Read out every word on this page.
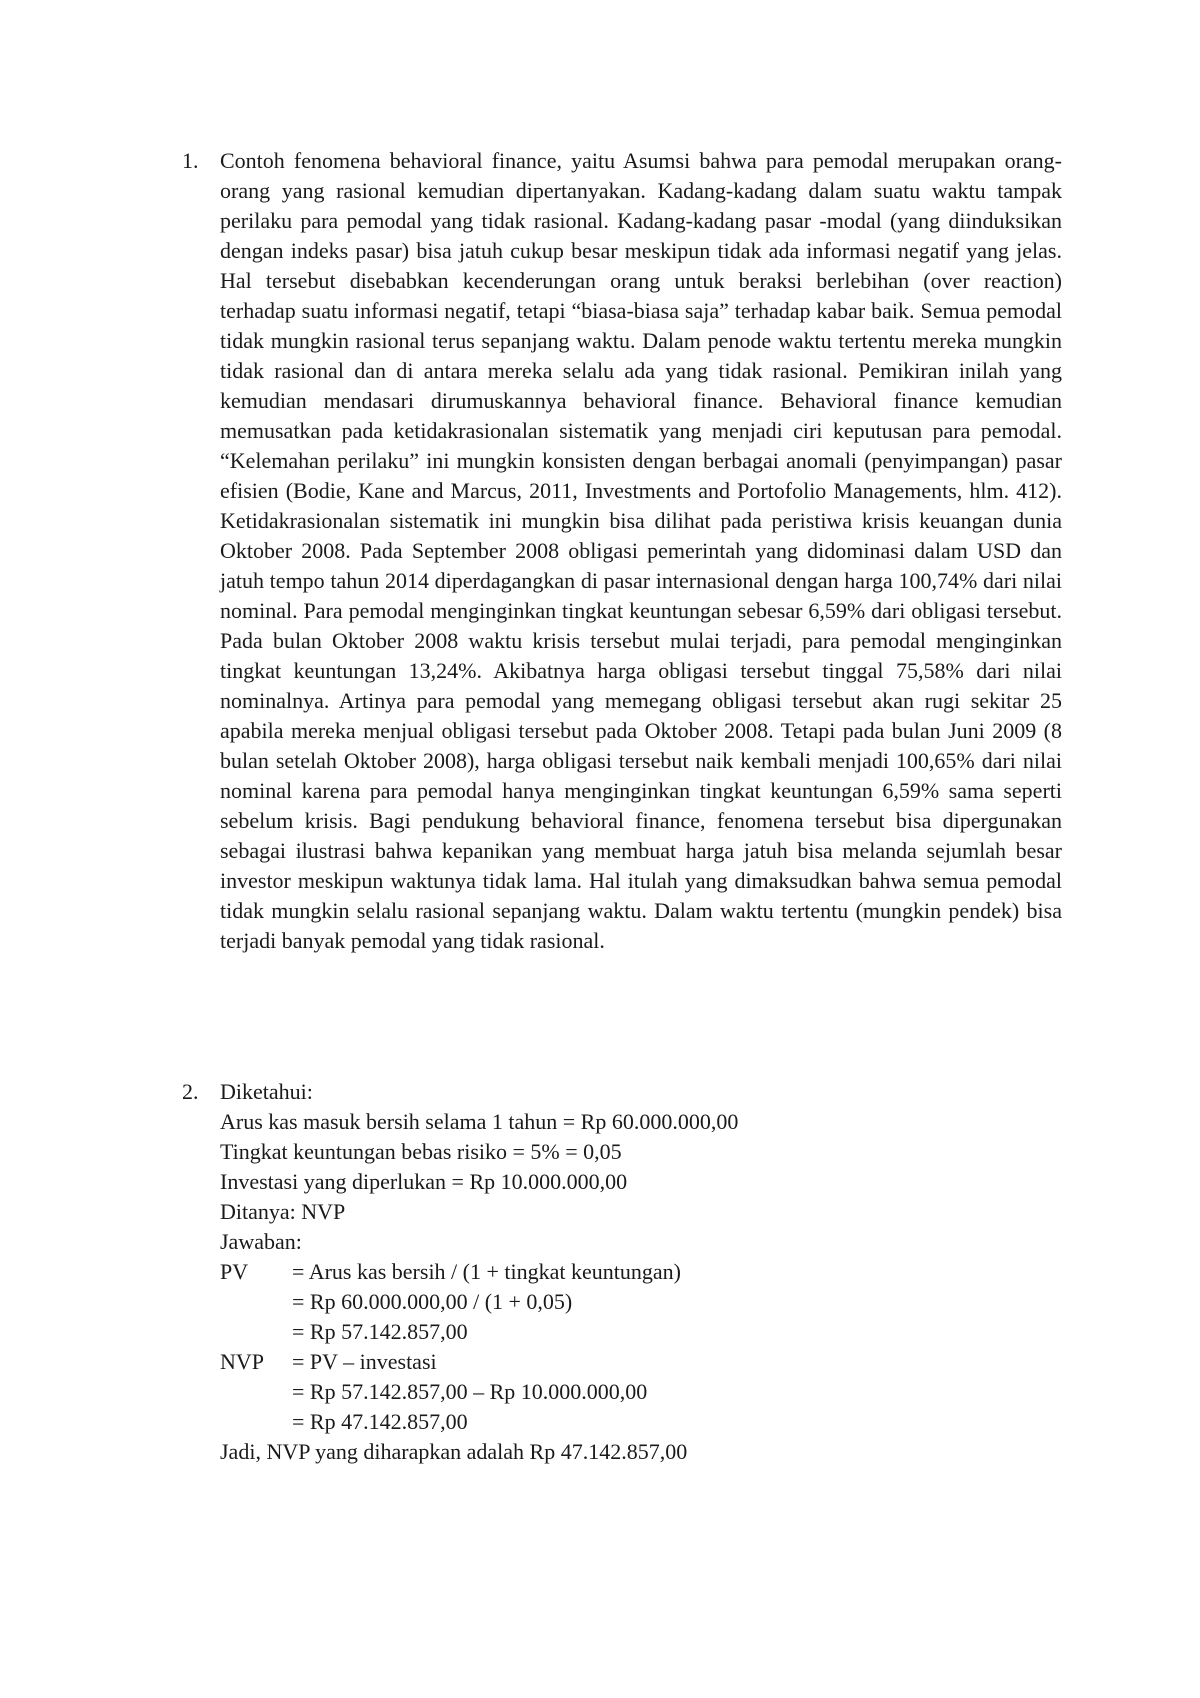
1. Contoh fenomena behavioral finance, yaitu Asumsi bahwa para pemodal merupakan orang-orang yang rasional kemudian dipertanyakan. Kadang-kadang dalam suatu waktu tampak perilaku para pemodal yang tidak rasional. Kadang-kadang pasar -modal (yang diinduksikan dengan indeks pasar) bisa jatuh cukup besar meskipun tidak ada informasi negatif yang jelas. Hal tersebut disebabkan kecenderungan orang untuk beraksi berlebihan (over reaction) terhadap suatu informasi negatif, tetapi “biasa-biasa saja” terhadap kabar baik. Semua pemodal tidak mungkin rasional terus sepanjang waktu. Dalam penode waktu tertentu mereka mungkin tidak rasional dan di antara mereka selalu ada yang tidak rasional. Pemikiran inilah yang kemudian mendasari dirumuskannya behavioral finance. Behavioral finance kemudian memusatkan pada ketidakrasionalan sistematik yang menjadi ciri keputusan para pemodal. “Kelemahan perilaku” ini mungkin konsisten dengan berbagai anomali (penyimpangan) pasar efisien (Bodie, Kane and Marcus, 2011, Investments and Portofolio Managements, hlm. 412). Ketidakrasionalan sistematik ini mungkin bisa dilihat pada peristiwa krisis keuangan dunia Oktober 2008. Pada September 2008 obligasi pemerintah yang didominasi dalam USD dan jatuh tempo tahun 2014 diperdagangkan di pasar internasional dengan harga 100,74% dari nilai nominal. Para pemodal menginginkan tingkat keuntungan sebesar 6,59% dari obligasi tersebut. Pada bulan Oktober 2008 waktu krisis tersebut mulai terjadi, para pemodal menginginkan tingkat keuntungan 13,24%. Akibatnya harga obligasi tersebut tinggal 75,58% dari nilai nominalnya. Artinya para pemodal yang memegang obligasi tersebut akan rugi sekitar 25 apabila mereka menjual obligasi tersebut pada Oktober 2008. Tetapi pada bulan Juni 2009 (8 bulan setelah Oktober 2008), harga obligasi tersebut naik kembali menjadi 100,65% dari nilai nominal karena para pemodal hanya menginginkan tingkat keuntungan 6,59% sama seperti sebelum krisis. Bagi pendukung behavioral finance, fenomena tersebut bisa dipergunakan sebagai ilustrasi bahwa kepanikan yang membuat harga jatuh bisa melanda sejumlah besar investor meskipun waktunya tidak lama. Hal itulah yang dimaksudkan bahwa semua pemodal tidak mungkin selalu rasional sepanjang waktu. Dalam waktu tertentu (mungkin pendek) bisa terjadi banyak pemodal yang tidak rasional.

2. Diketahui:

Arus kas masuk bersih selama 1 tahun = Rp 60.000.000,00

Tingkat keuntungan bebas risiko = 5% = 0,05

Investasi yang diperlukan = Rp 10.000.000,00

Ditanya: NVP

Jawaban:

PV = Arus kas bersih / (1 + tingkat keuntungan)
= Rp 60.000.000,00 / (1 + 0,05)
= Rp 57.142.857,00
NVP = PV – investasi
= Rp 57.142.857,00 – Rp 10.000.000,00
= Rp 47.142.857,00

Jadi, NVP yang diharapkan adalah Rp 47.142.857,00
